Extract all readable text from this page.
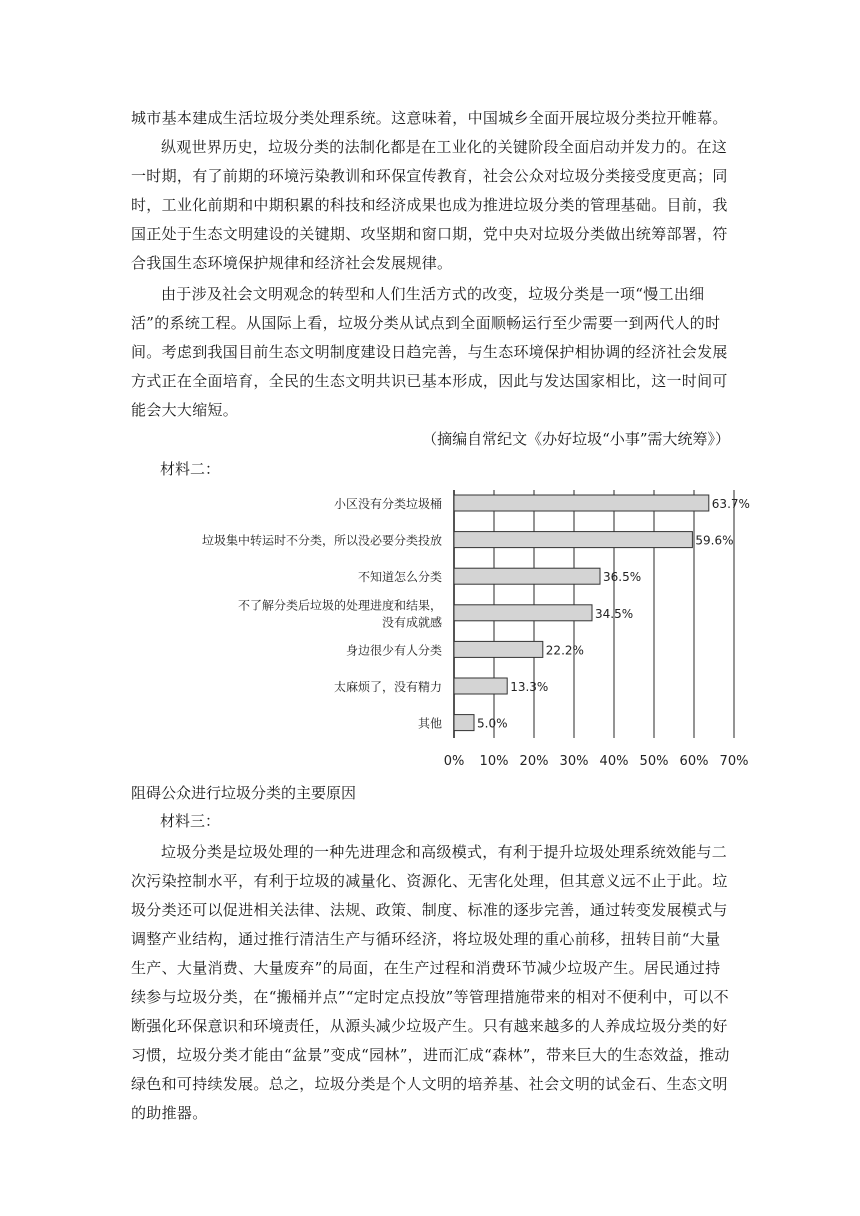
城市基本建成生活垃圾分类处理系统。这意味着，中国城乡全面开展垃圾分类拉开帷幕。
纵观世界历史，垃圾分类的法制化都是在工业化的关键阶段全面启动并发力的。在这一时期，有了前期的环境污染教训和环保宣传教育，社会公众对垃圾分类接受度更高；同时，工业化前期和中期积累的科技和经济成果也成为推进垃圾分类的管理基础。目前，我国正处于生态文明建设的关键期、攻坚期和窗口期，党中央对垃圾分类做出统筹部署，符合我国生态环境保护规律和经济社会发展规律。
由于涉及社会文明观念的转型和人们生活方式的改变，垃圾分类是一项“慢工出细活”的系统工程。从国际上看，垃圾分类从试点到全面顺畅运行至少需要一到两代人的时间。考虑到我国目前生态文明制度建设日趋完善，与生态环境保护相协调的经济社会发展方式正在全面培育，全民的生态文明共识已基本形成，因此与发达国家相比，这一时间可能会大大缩短。
（摘编自常纪文《办好垃圾“小事”需大统筹》）
材料二：
63.7%
小区没有分类垃圾桶
59.6%
垃圾集中转运时不分类，所以没必要分类投放
36.5%
不知道怎么分类
34.5%
不了解分类后垃圾的处理进度和结果，
没有成就感
22.2%
身边很少有人分类
13.3%
太麻烦了，没有精力
5.0%
其他
0% 10% 20% 30% 40% 50% 60% 70%
阻碍公众进行垃圾分类的主要原因
材料三：
垃圾分类是垃圾处理的一种先进理念和高级模式，有利于提升垃圾处理系统效能与二次污染控制水平，有利于垃圾的减量化、资源化、无害化处理，但其意义远不止于此。垃圾分类还可以促进相关法律、法规、政策、制度、标准的逐步完善，通过转变发展模式与调整产业结构，通过推行清洁生产与循环经济，将垃圾处理的重心前移，扭转目前“大量生产、大量消费、大量废弃”的局面，在生产过程和消费环节减少垃圾产生。居民通过持续参与垃圾分类，在“搬桶并点”“定时定点投放”等管理措施带来的相对不便利中，可以不断强化环保意识和环境责任，从源头减少垃圾产生。只有越来越多的人养成垃圾分类的好习惯，垃圾分类才能由“盆景”变成“园林”，进而汇成“森林”，带来巨大的生态效益，推动绿色和可持续发展。总之，垃圾分类是个人文明的培养基、社会文明的试金石、生态文明的助推器。
